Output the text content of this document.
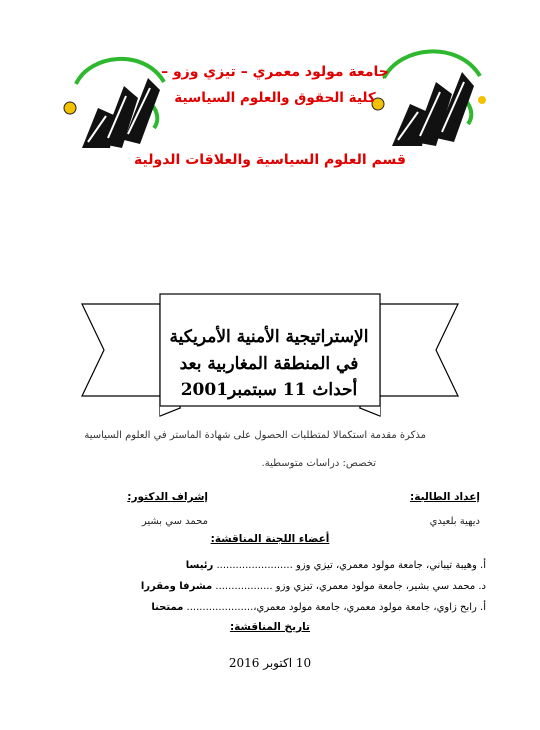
جامعة مولود معمري – تيزي وزو –
كلية الحقوق والعلوم السياسية
قسم العلوم السياسية والعلاقات الدولية
الإستراتيجية الأمنية الأمريكية
في المنطقة المغاربية بعد
أحداث 11 سبتمبر2001
مذكرة مقدمة استكمالا لمتطلبات الحصول على شهادة الماستر في العلوم السياسية
تخصص: دراسات متوسطية.
إعداد الطالبة:
ديهية بلعيدي
إشراف الدكتور:
محمد سي بشير
أعضاء اللجنة المناقشة:
أ. وهيبة تيباني، جامعة مولود معمري، تيزي وزو ........................ رئيسا
د. محمد سي بشير، جامعة مولود معمري، تيزي وزو .................. مشرفا ومقررا
أ. رابح زاوي، جامعة مولود معمري، جامعة مولود معمري،..................... ممتحنا
تاريخ المناقشة:
10 اكتوبر 2016
